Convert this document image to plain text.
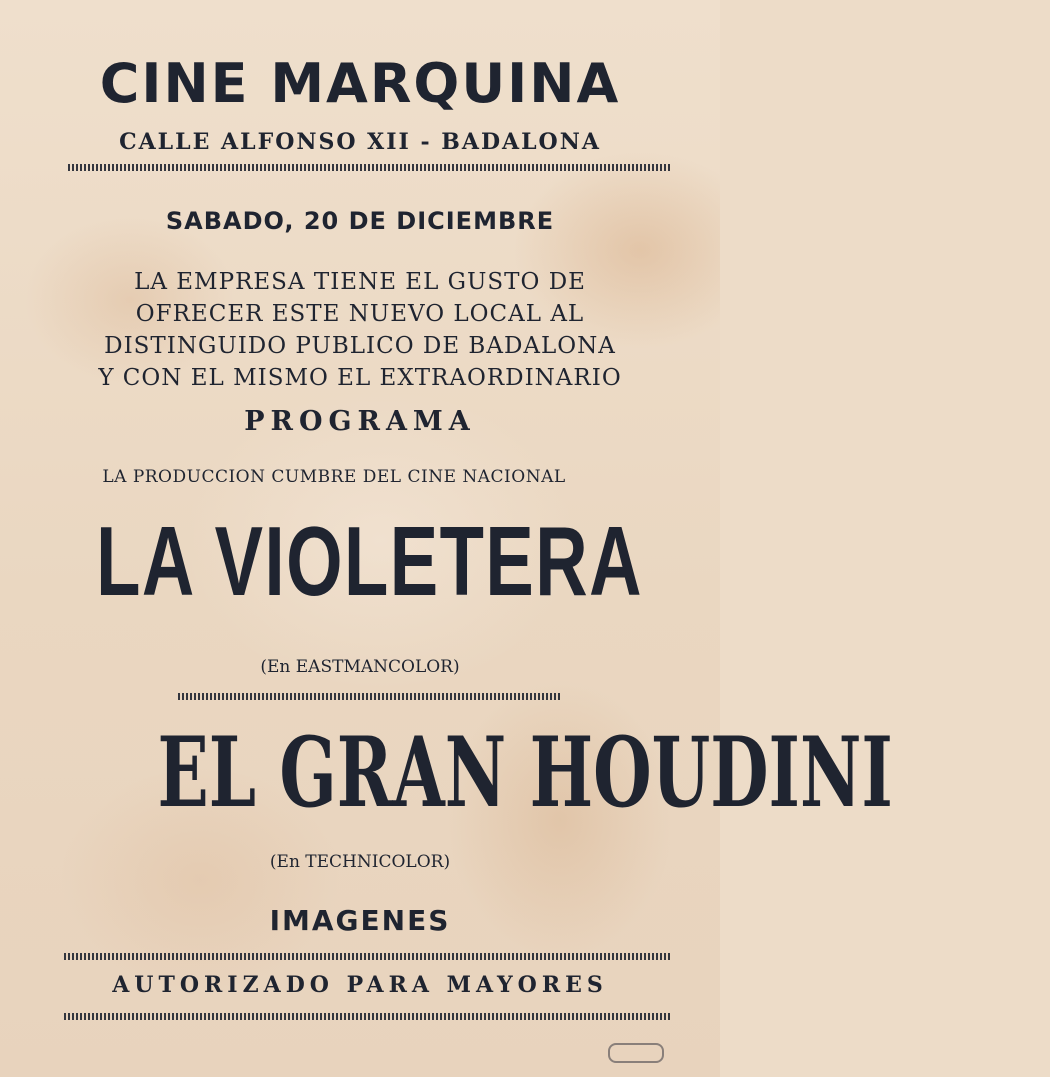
CINE MARQUINA

CALLE ALFONSO XII - BADALONA

SABADO, 20 DE DICIEMBRE

LA EMPRESA TIENE EL GUSTO DE

OFRECER ESTE NUEVO LOCAL AL

DISTINGUIDO PUBLICO DE BADALONA

Y CON EL MISMO EL EXTRAORDINARIO

PROGRAMA

LA PRODUCCION CUMBRE DEL CINE NACIONAL

LA VIOLETERA

(En EASTMANCOLOR)

EL GRAN HOUDINI

(En TECHNICOLOR)

IMAGENES

AUTORIZADO PARA MAYORES
